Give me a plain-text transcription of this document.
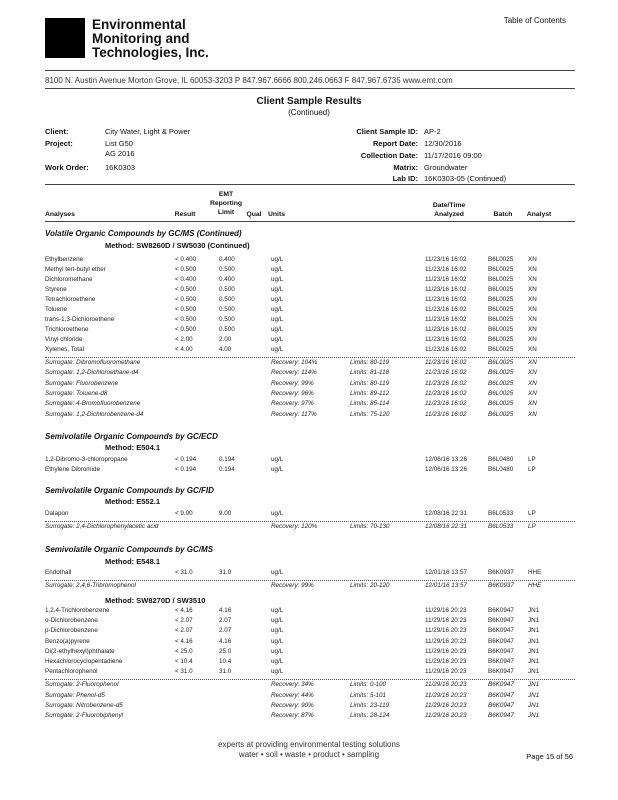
Environmental
Monitoring and
Technologies, Inc.
Table of Contents
8100 N. Austin Avenue Morton Grove, IL 60053-3203 P 847.967.6666 800.246.0663 F 847.967.6735 www.emt.com
Client Sample Results
(Continued)
Client:	City Water, Light & Power
Project:	List G50
AG 2016
Work Order: 16K0303
Client Sample ID: AP-2
Report Date: 12/30/2016
Collection Date: 11/17/2016 09:00
Matrix: Groundwater
Lab ID: 16K0303-05 (Continued)
Analyses	Result
EMT
Reporting
Limit	Qual Units
Date/Time
Analyzed	Batch	Analyst
Volatile Organic Compounds by GC/MS (Continued)
Method: SW8260D / SW5030 (Continued)
Semivolatile Organic Compounds by GC/ECD
Method: E504.1
Semivolatile Organic Compounds by GC/FID
Method: E552.1
Semivolatile Organic Compounds by GC/MS
Method: E548.1
Method: SW8270D / SW3510
Ethylbenzene	< 0.400	0.400	ug/L	11/23/16 16:02	B6L0025 XN
Methyl tert-butyl ether	< 0.500	0.500	ug/L	11/23/16 16:02	B6L0025 XN
Dichloromethane	< 0.400	0.400	ug/L	11/23/16 16:02	B6L0025 XN
Styrene	< 0.500	0.500	ug/L	11/23/16 16:02	B6L0025 XN
Tetrachloroethene	< 0.500	0.500	ug/L	11/23/16 16:02	B6L0025 XN
Toluene	< 0.500	0.500	ug/L	11/23/16 16:02	B6L0025 XN
trans-1,3-Dichloroethene	< 0.500	0.500	ug/L	11/23/16 16:02	B6L0025 XN
Trichloroethene	< 0.500	0.500	ug/L	11/23/16 16:02	B6L0025 XN
Vinyl chloride	< 2.00	2.00	ug/L	11/23/16 16:02	B6L0025 XN
Xylenes, Total	< 4.00	4.00	ug/L	11/23/16 16:02	B6L0025 XN
Surrogate: Dibromofluoromethane	Recovery: 104%	Limits: 80-119	11/23/16 16:02	B6L0025 XN
Surrogate: 1,2-Dichloroethane-d4	Recovery: 114%	Limits: 81-118	11/23/16 16:02	B6L0025 XN
Surrogate: Fluorobenzene	Recovery: 99%	Limits: 80-119	11/23/16 16:02	B6L0025 XN
Surrogate: Toluene-d8	Recovery: 96%	Limits: 89-112	11/23/16 16:02	B6L0025 XN
Surrogate: 4-Bromofluorobenzene	Recovery: 97%	Limits: 85-114	11/23/16 16:02	B6L0025 XN
Surrogate: 1,2-Dichlorobenzene-d4	Recovery: 117%	Limits: 75-120	11/23/16 16:02	B6L0025 XN
1,2-Dibromo-3-chloropropane	< 0.194	0.194	ug/L	12/06/16 13:26	B6L0480 LP
Ethylene Dibromide	< 0.194	0.194	ug/L	12/06/16 13:26	B6L0480 LP
Dalapon	< 9.00	9.00	ug/L	12/08/16 22:31	B6L0533 LP
Surrogate: 2,4-Dichlorophenylacetic acid	Recovery: 120%	Limits: 70-130	12/08/16 22:31	B6L0533 LP
Endothall	< 31.0	31.0	ug/L	12/01/16 13:57	B6K0937 HHE
Surrogate: 2,4,6-Tribromophenol	Recovery: 99%	Limits: 20-120	12/01/16 13:57	B6K0937 HHE
1,2,4-Trichlorobenzene	< 4.16	4.16	ug/L	11/29/16 20:23	B6K0947 JN1
o-Dichlorobenzene	< 2.07	2.07	ug/L	11/29/16 20:23	B6K0947 JN1
p-Dichlorobenzene	< 2.07	2.07	ug/L	11/29/16 20:23	B6K0947 JN1
Benzo(a)pyrene	< 4.16	4.16	ug/L	11/29/16 20:23	B6K0947 JN1
Di(2-ethylhexyl)phthalate	< 25.0	25.0	ug/L	11/29/16 20:23	B6K0947 JN1
Hexachlorocyclopentadiene	< 10.4	10.4	ug/L	11/29/16 20:23	B6K0947 JN1
Pentachlorophenol	< 31.0	31.0	ug/L	11/29/16 20:23	B6K0947 JN1
Surrogate: 2-Fluorophenol	Recovery: 34%	Limits: 0-100	11/29/16 20:23	B6K0947 JN1
Surrogate: Phenol-d5	Recovery: 44%	Limits: 5-101	11/29/16 20:23	B6K0947 JN1
Surrogate: Nitrobenzene-d5	Recovery: 90%	Limits: 23-119	11/29/16 20:23	B6K0947 JN1
Surrogate: 2-Fluorobiphenyl	Recovery: 87%	Limits: 28-124	11/29/16 20:23	B6K0947 JN1
experts at providing environmental testing solutions
water • soil • waste • product • sampling	Page 15 of 56
